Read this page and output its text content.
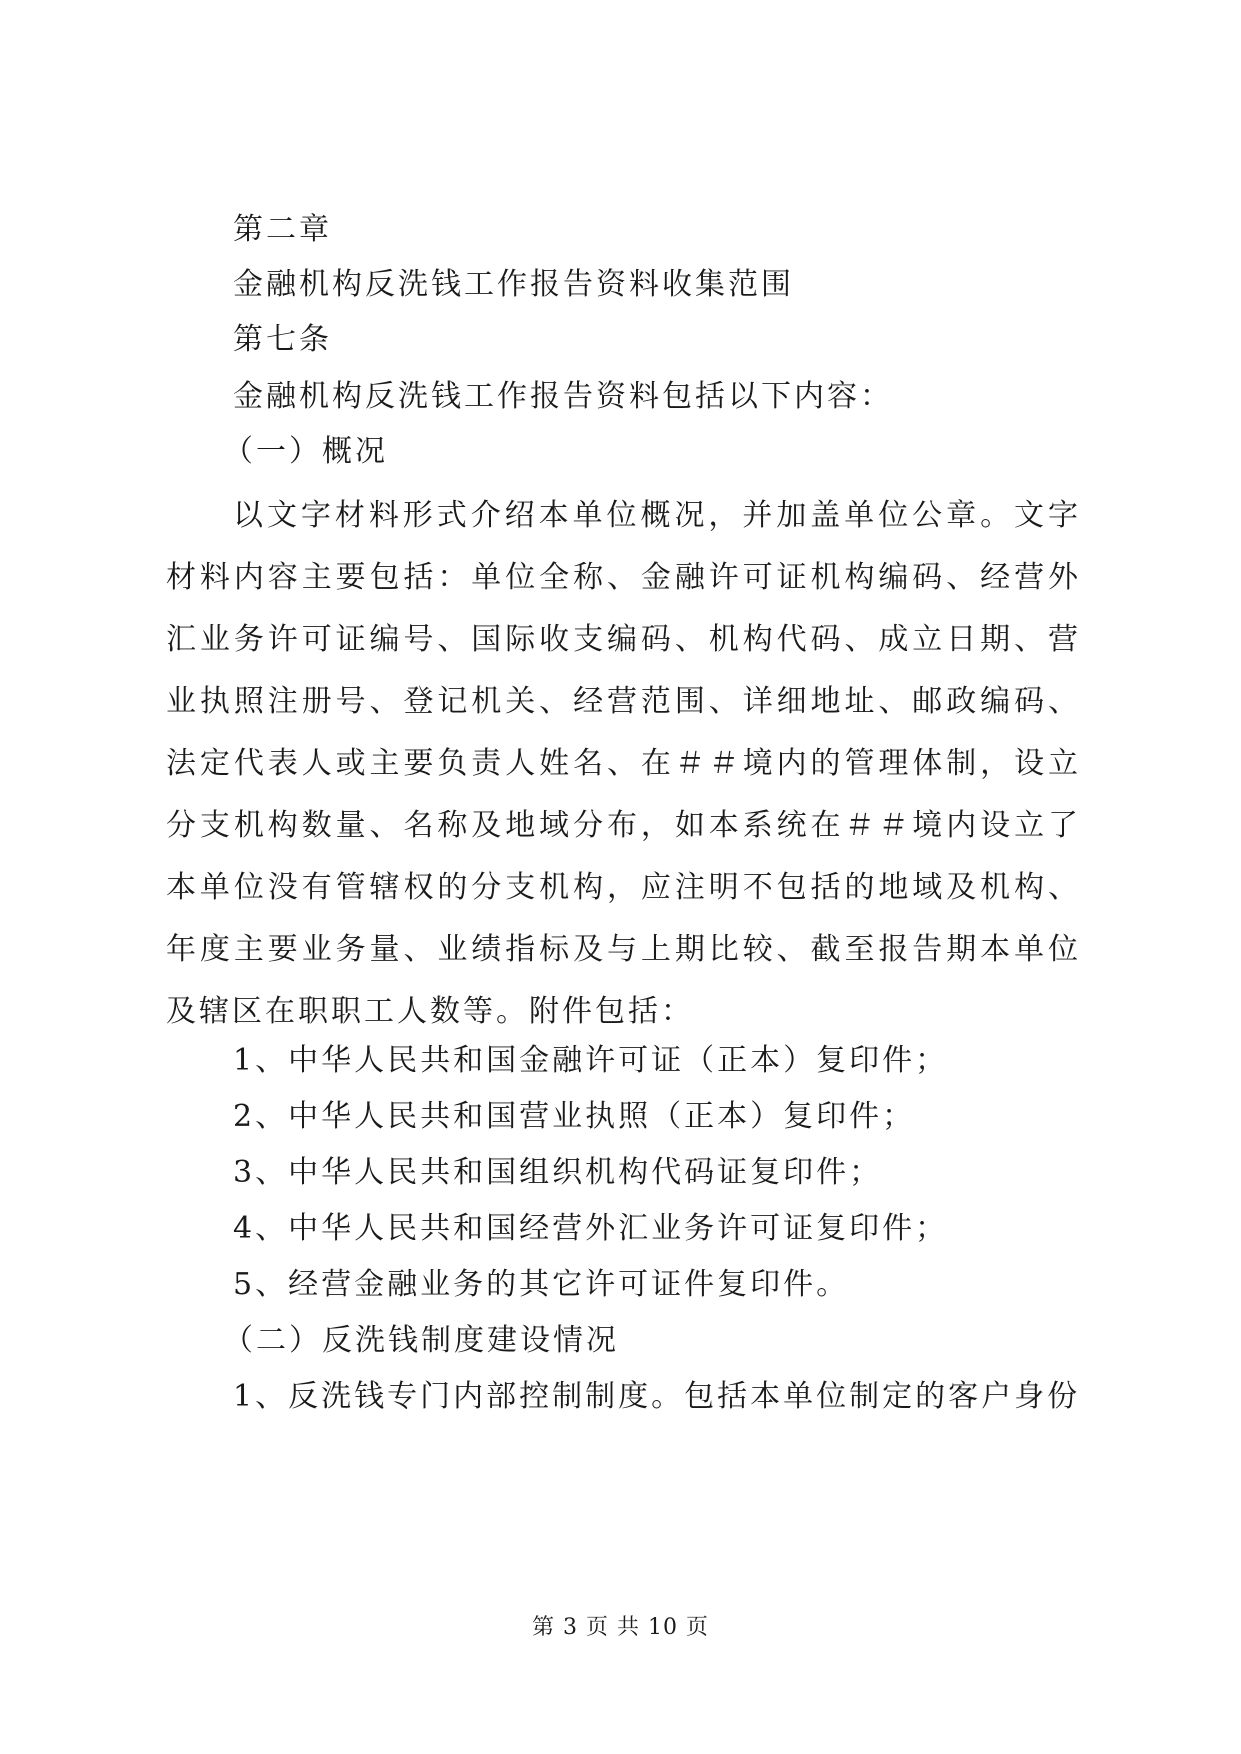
第二章
金融机构反洗钱工作报告资料收集范围
第七条
金融机构反洗钱工作报告资料包括以下内容：
（一）概况
以文字材料形式介绍本单位概况，并加盖单位公章。文字材料内容主要包括：单位全称、金融许可证机构编码、经营外汇业务许可证编号、国际收支编码、机构代码、成立日期、营业执照注册号、登记机关、经营范围、详细地址、邮政编码、法定代表人或主要负责人姓名、在＃＃境内的管理体制，设立分支机构数量、名称及地域分布，如本系统在＃＃境内设立了本单位没有管辖权的分支机构，应注明不包括的地域及机构、年度主要业务量、业绩指标及与上期比较、截至报告期本单位及辖区在职职工人数等。附件包括：
1、中华人民共和国金融许可证（正本）复印件；
2、中华人民共和国营业执照（正本）复印件；
3、中华人民共和国组织机构代码证复印件；
4、中华人民共和国经营外汇业务许可证复印件；
5、经营金融业务的其它许可证件复印件。
（二）反洗钱制度建设情况
1、反洗钱专门内部控制制度。包括本单位制定的客户身份
第 3 页 共 10 页
